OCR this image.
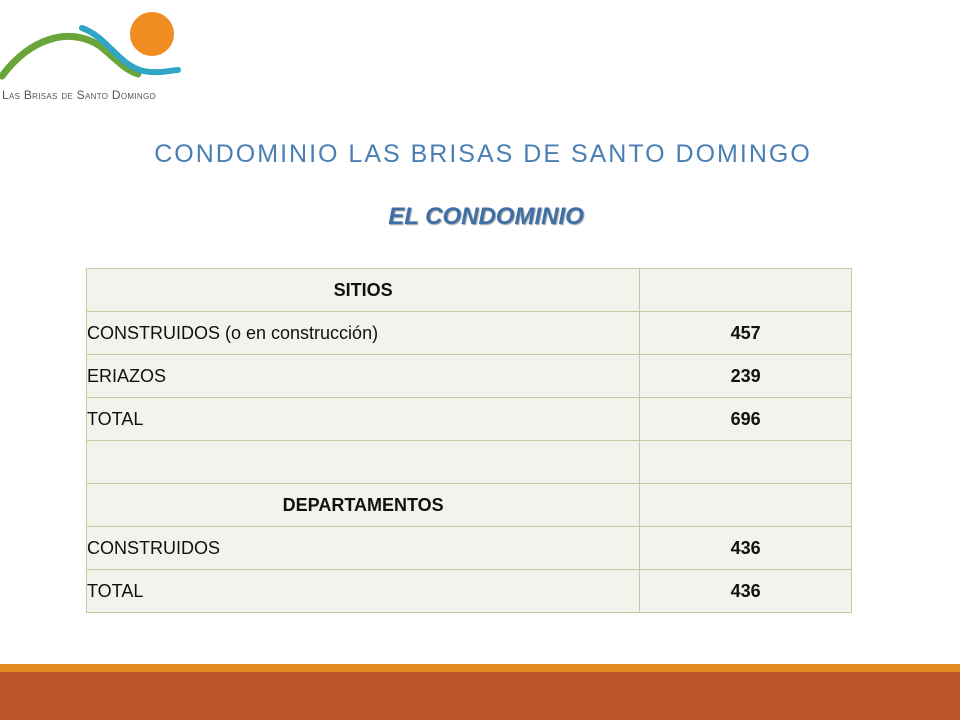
Las Brisas de Santo Domingo
CONDOMINIO LAS BRISAS DE SANTO DOMINGO
EL CONDOMINIO
SITIOS	
CONSTRUIDOS (o en construcción)	457
ERIAZOS	239
TOTAL	696

DEPARTAMENTOS	
CONSTRUIDOS	436
TOTAL	436
